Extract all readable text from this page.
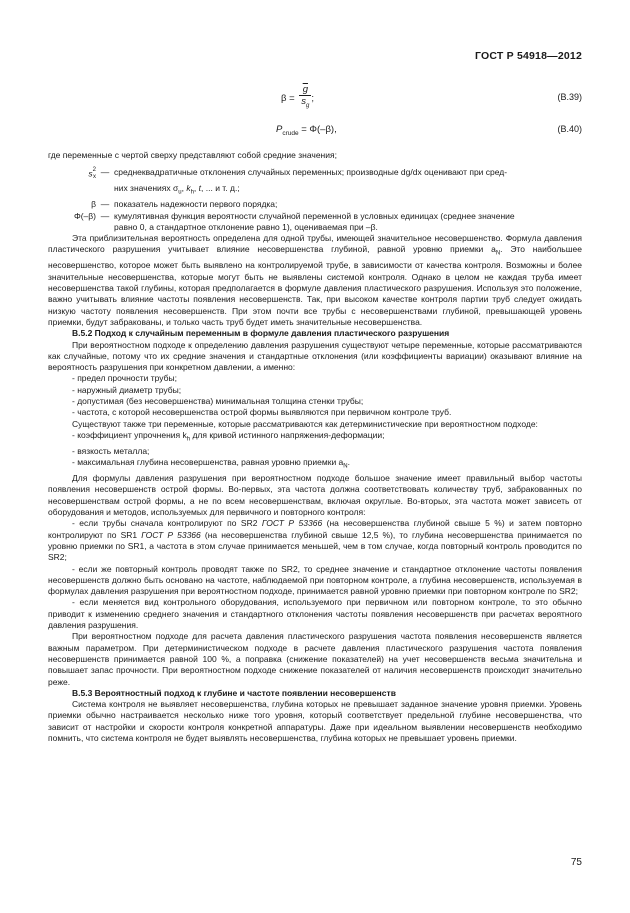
ГОСТ Р 54918—2012
$\beta = \frac{\overline{g}}{s_g}$ ;	(В.39)
$P_{crude} = \Phi(-\beta)$,	(В.40)

где переменные с чертой сверху представляют собой средние значения;

s 2
x — среднеквадратичные отклонения случайных переменных; производные dg/dx оценивают при сред-
них значениях $\sigma_u$, $k_h$, t, ... и т. д.;
β — показатель надежности первого порядка;
Φ(–β) — кумулятивная функция вероятности случайной переменной в условных единицах (среднее значение
равно 0, а стандартное отклонение равно 1), оцениваемая при –β.

Эта приблизительная вероятность определена для одной трубы, имеющей значительное несовершенство. Формула давления пластического разрушения учитывает влияние несовершенства глубиной, равной уровню приемки $a_N$. Это наибольшее несовершенство, которое может быть выявлено на контролируемой трубе, в зависимости от качества контроля. Возможны и более значительные несовершенства, которые могут быть не выявлены системой контроля. Однако в целом не каждая труба имеет несовершенства такой глубины, которая предполагается в формуле давления пластического разрушения. Используя это положение, важно учитывать влияние частоты появления несовершенств. Так, при высоком качестве контроля партии труб следует ожидать низкую частоту появления несовершенств. При этом почти все трубы с несовершенствами глубиной, превышающей уровень приемки, будут забракованы, и только часть труб будет иметь значительные несовершенства.

В.5.2 Подход к случайным переменным в формуле давления пластического разрушения

При вероятностном подходе к определению давления разрушения существуют четыре переменные, которые рассматриваются как случайные, потому что их средние значения и стандартные отклонения (или коэффициенты вариации) оказывают влияние на вероятность разрушения при конкретном давлении, а именно:

- предел прочности трубы;
- наружный диаметр трубы;
- допустимая (без несовершенства) минимальная толщина стенки трубы;
- частота, с которой несовершенства острой формы выявляются при первичном контроле труб.

Существуют также три переменные, которые рассматриваются как детерминистические при вероятностном подходе:

- коэффициент упрочнения $k_h$ для кривой истинного напряжения-деформации;
- вязкость металла;
- максимальная глубина несовершенства, равная уровню приемки $a_N$.

Для формулы давления разрушения при вероятностном подходе большое значение имеет правильный выбор частоты появления несовершенств острой формы. Во-первых, эта частота должна соответствовать количеству труб, забракованных по несовершенствам острой формы, а не по всем несовершенствам, включая округлые. Во-вторых, эта частота может зависеть от оборудования и методов, используемых для первичного и повторного контроля:

- если трубы сначала контролируют по SR2 ГОСТ Р 53366 (на несовершенства глубиной свыше 5 %) и затем повторно контролируют по SR1 ГОСТ Р 53366 (на несовершенства глубиной свыше 12,5 %), то глубина несовершенства принимается по уровню приемки по SR1, а частота в этом случае принимается меньшей, чем в том случае, когда повторный контроль проводится по SR2;

- если же повторный контроль проводят также по SR2, то среднее значение и стандартное отклонение частоты появления несовершенств должно быть основано на частоте, наблюдаемой при повторном контроле, а глубина несовершенств, используемая в формулах давления разрушения при вероятностном подходе, принимается равной уровню приемки при повторном контроле по SR2;

- если меняется вид контрольного оборудования, используемого при первичном или повторном контроле, то это обычно приводит к изменению среднего значения и стандартного отклонения частоты появления несовершенств при расчетах вероятного давления разрушения.

При вероятностном подходе для расчета давления пластического разрушения частота появления несовершенств является важным параметром. При детерминистическом подходе в расчете давления пластического разрушения частота появления несовершенств принимается равной 100 %, а поправка (снижение показателей) на учет несовершенств весьма значительна и повышает запас прочности. При вероятностном подходе снижение показателей от наличия несовершенств происходит значительно реже.

В.5.3 Вероятностный подход к глубине и частоте появлении несовершенств

Система контроля не выявляет несовершенства, глубина которых не превышает заданное значение уровня приемки. Уровень приемки обычно настраивается несколько ниже того уровня, который соответствует предельной глубине несовершенства, что зависит от настройки и скорости контроля конкретной аппаратуры. Даже при идеальном выявлении несовершенств необходимо помнить, что система контроля не будет выявлять несовершенства, глубина которых не превышает уровень приемки.

75
